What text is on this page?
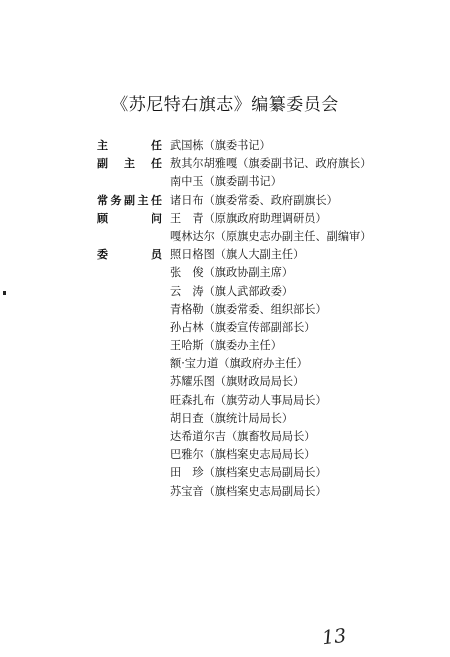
《苏尼特右旗志》编纂委员会
主任 武国栋（旗委书记）
副主任 敖其尔胡雅嘎（旗委副书记、政府旗长）
南中玉（旗委副书记）
常务副主任 诸日布（旗委常委、政府副旗长）
顾问 王　青（原旗政府助理调研员）
嘎林达尔（原旗史志办副主任、副编审）
委员 照日格图（旗人大副主任）
张　俊（旗政协副主席）
云　涛（旗人武部政委）
青格勒（旗委常委、组织部长）
孙占林（旗委宣传部副部长）
王哈斯（旗委办主任）
额·宝力道（旗政府办主任）
苏耀乐图（旗财政局局长）
旺森扎布（旗劳动人事局局长）
胡日查（旗统计局局长）
达希道尔吉（旗畜牧局局长）
巴雅尔（旗档案史志局局长）
田　珍（旗档案史志局副局长）
苏宝音（旗档案史志局副局长）
13
